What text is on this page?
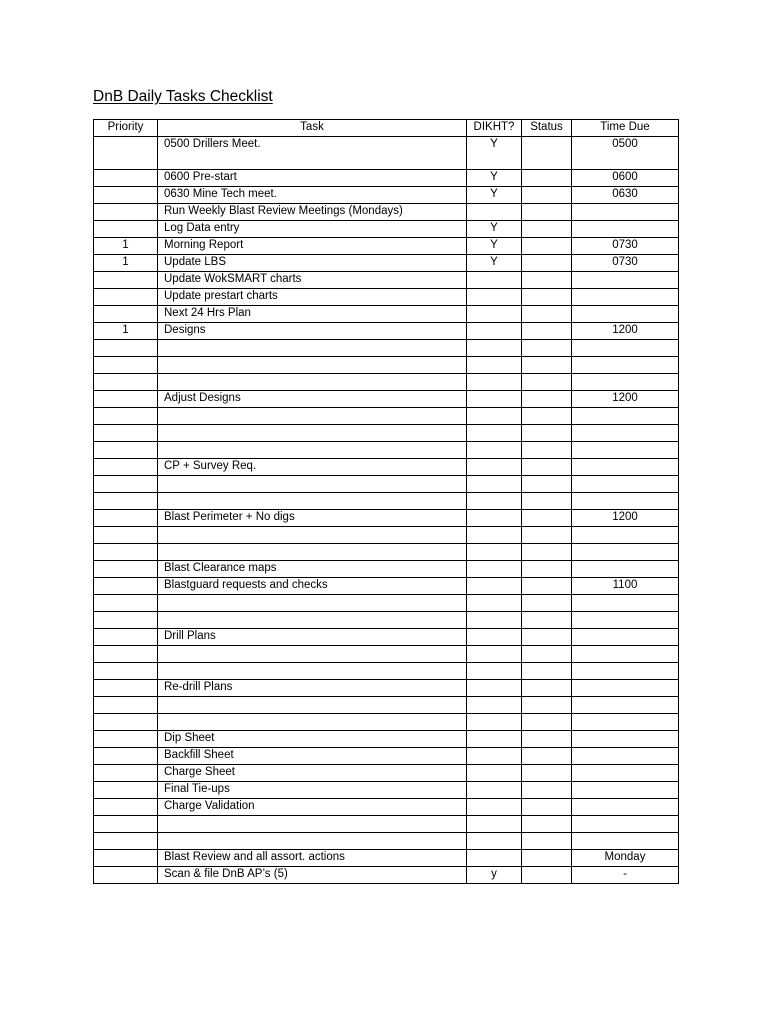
DnB Daily Tasks Checklist
Priority	Task	DIKHT?	Status	Time Due
	0500 Drillers Meet.	Y		0500
	0600 Pre-start	Y		0600
	0630 Mine Tech meet.	Y		0630
	Run Weekly Blast Review Meetings (Mondays)			
	Log Data entry	Y		
1	Morning Report	Y		0730
1	Update LBS	Y		0730
	Update WokSMART charts			
	Update prestart charts			
	Next 24 Hrs Plan			
1	Designs			1200

	Adjust Designs			1200

	CP + Survey Req.			

	Blast Perimeter + No digs			1200

	Blast Clearance maps			
	Blastguard requests and checks			1100

	Drill Plans			

	Re-drill Plans			

	Dip Sheet			
	Backfill Sheet			
	Charge Sheet			
	Final Tie-ups			
	Charge Validation			

	Blast Review and all assort. actions			Monday
	Scan & file DnB AP’s (5)	y		-
